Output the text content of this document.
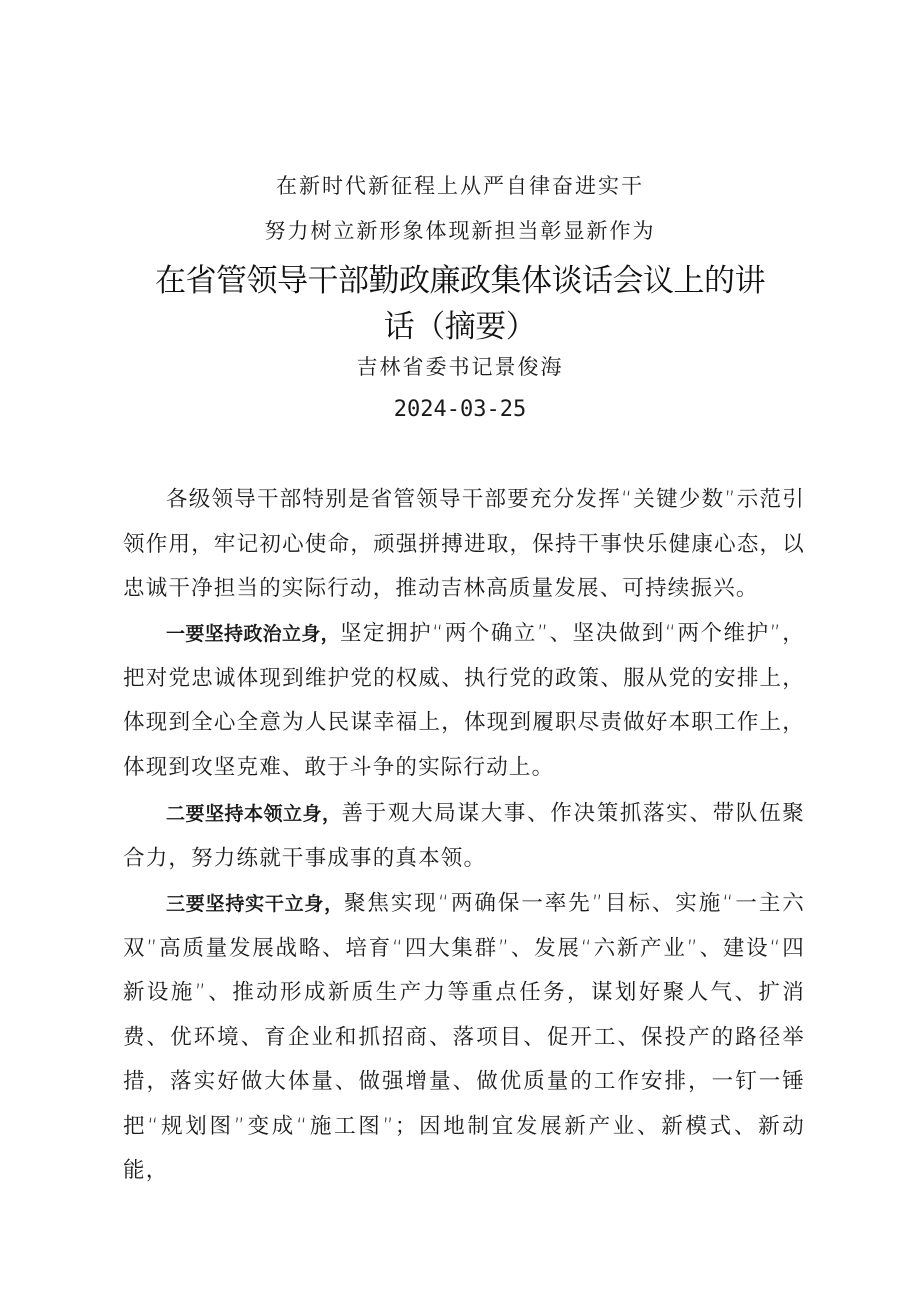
在新时代新征程上从严自律奋进实干
努力树立新形象体现新担当彰显新作为
在省管领导干部勤政廉政集体谈话会议上的讲
话（摘要）
吉林省委书记景俊海
2024-03-25

各级领导干部特别是省管领导干部要充分发挥“关键少数”示范引领作用，牢记初心使命，顽强拼搏进取，保持干事快乐健康心态，以忠诚干净担当的实际行动，推动吉林高质量发展、可持续振兴。

一要坚持政治立身，坚定拥护“两个确立”、坚决做到“两个维护”，把对党忠诚体现到维护党的权威、执行党的政策、服从党的安排上，体现到全心全意为人民谋幸福上，体现到履职尽责做好本职工作上，体现到攻坚克难、敢于斗争的实际行动上。

二要坚持本领立身，善于观大局谋大事、作决策抓落实、带队伍聚合力，努力练就干事成事的真本领。

三要坚持实干立身，聚焦实现“两确保一率先”目标、实施“一主六双”高质量发展战略、培育“四大集群”、发展“六新产业”、建设“四新设施”、推动形成新质生产力等重点任务，谋划好聚人气、扩消费、优环境、育企业和抓招商、落项目、促开工、保投产的路径举措，落实好做大体量、做强增量、做优质量的工作安排，一钉一锤把“规划图”变成“施工图”；因地制宜发展新产业、新模式、新动能，
